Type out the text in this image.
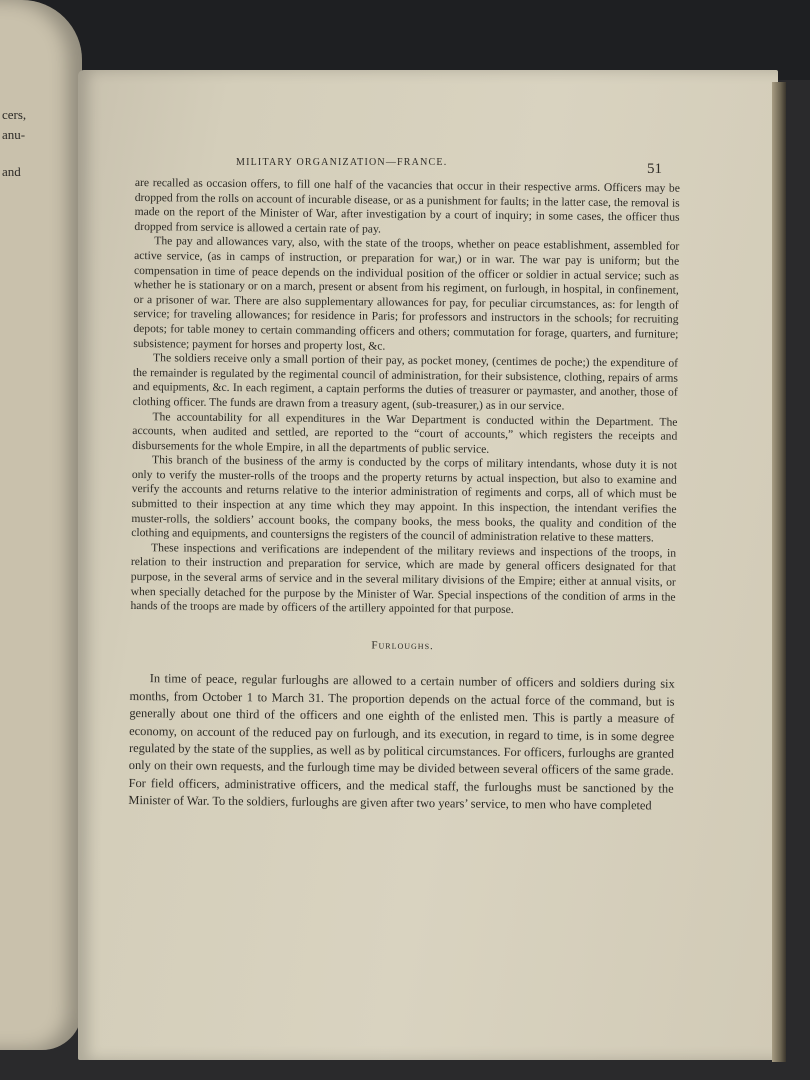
cers,
anu-
and
MILITARY ORGANIZATION—FRANCE.	51

are recalled as occasion offers, to fill one half of the vacancies that occur in their respective arms. Officers may be dropped from the rolls on account of incurable disease, or as a punishment for faults; in the latter case, the removal is made on the report of the Minister of War, after investigation by a court of inquiry; in some cases, the officer thus dropped from service is allowed a certain rate of pay.

The pay and allowances vary, also, with the state of the troops, whether on peace establishment, assembled for active service, (as in camps of instruction, or preparation for war,) or in war. The war pay is uniform; but the compensation in time of peace depends on the individual position of the officer or soldier in actual service; such as whether he is stationary or on a march, present or absent from his regiment, on furlough, in hospital, in confinement, or a prisoner of war. There are also supplementary allowances for pay, for peculiar circumstances, as: for length of service; for traveling allowances; for residence in Paris; for professors and instructors in the schools; for recruiting depots; for table money to certain commanding officers and others; commutation for forage, quarters, and furniture; subsistence; payment for horses and property lost, &c.

The soldiers receive only a small portion of their pay, as pocket money, (centimes de poche;) the expenditure of the remainder is regulated by the regimental council of administration, for their subsistence, clothing, repairs of arms and equipments, &c. In each regiment, a captain performs the duties of treasurer or paymaster, and another, those of clothing officer. The funds are drawn from a treasury agent, (sub-treasurer,) as in our service.

The accountability for all expenditures in the War Department is conducted within the Department. The accounts, when audited and settled, are reported to the “court of accounts,” which registers the receipts and disbursements for the whole Empire, in all the departments of public service.

This branch of the business of the army is conducted by the corps of military intendants, whose duty it is not only to verify the muster-rolls of the troops and the property returns by actual inspection, but also to examine and verify the accounts and returns relative to the interior administration of regiments and corps, all of which must be submitted to their inspection at any time which they may appoint. In this inspection, the intendant verifies the muster-rolls, the soldiers’ account books, the company books, the mess books, the quality and condition of the clothing and equipments, and countersigns the registers of the council of administration relative to these matters.

These inspections and verifications are independent of the military reviews and inspections of the troops, in relation to their instruction and preparation for service, which are made by general officers designated for that purpose, in the several arms of service and in the several military divisions of the Empire; either at annual visits, or when specially detached for the purpose by the Minister of War. Special inspections of the condition of arms in the hands of the troops are made by officers of the artillery appointed for that purpose.

Furloughs.

In time of peace, regular furloughs are allowed to a certain number of officers and soldiers during six months, from October 1 to March 31. The proportion depends on the actual force of the command, but is generally about one third of the officers and one eighth of the enlisted men. This is partly a measure of economy, on account of the reduced pay on furlough, and its execution, in regard to time, is in some degree regulated by the state of the supplies, as well as by political circumstances. For officers, furloughs are granted only on their own requests, and the furlough time may be divided between several officers of the same grade. For field officers, administrative officers, and the medical staff, the furloughs must be sanctioned by the Minister of War. To the soldiers, furloughs are given after two years’ service, to men who have completed
